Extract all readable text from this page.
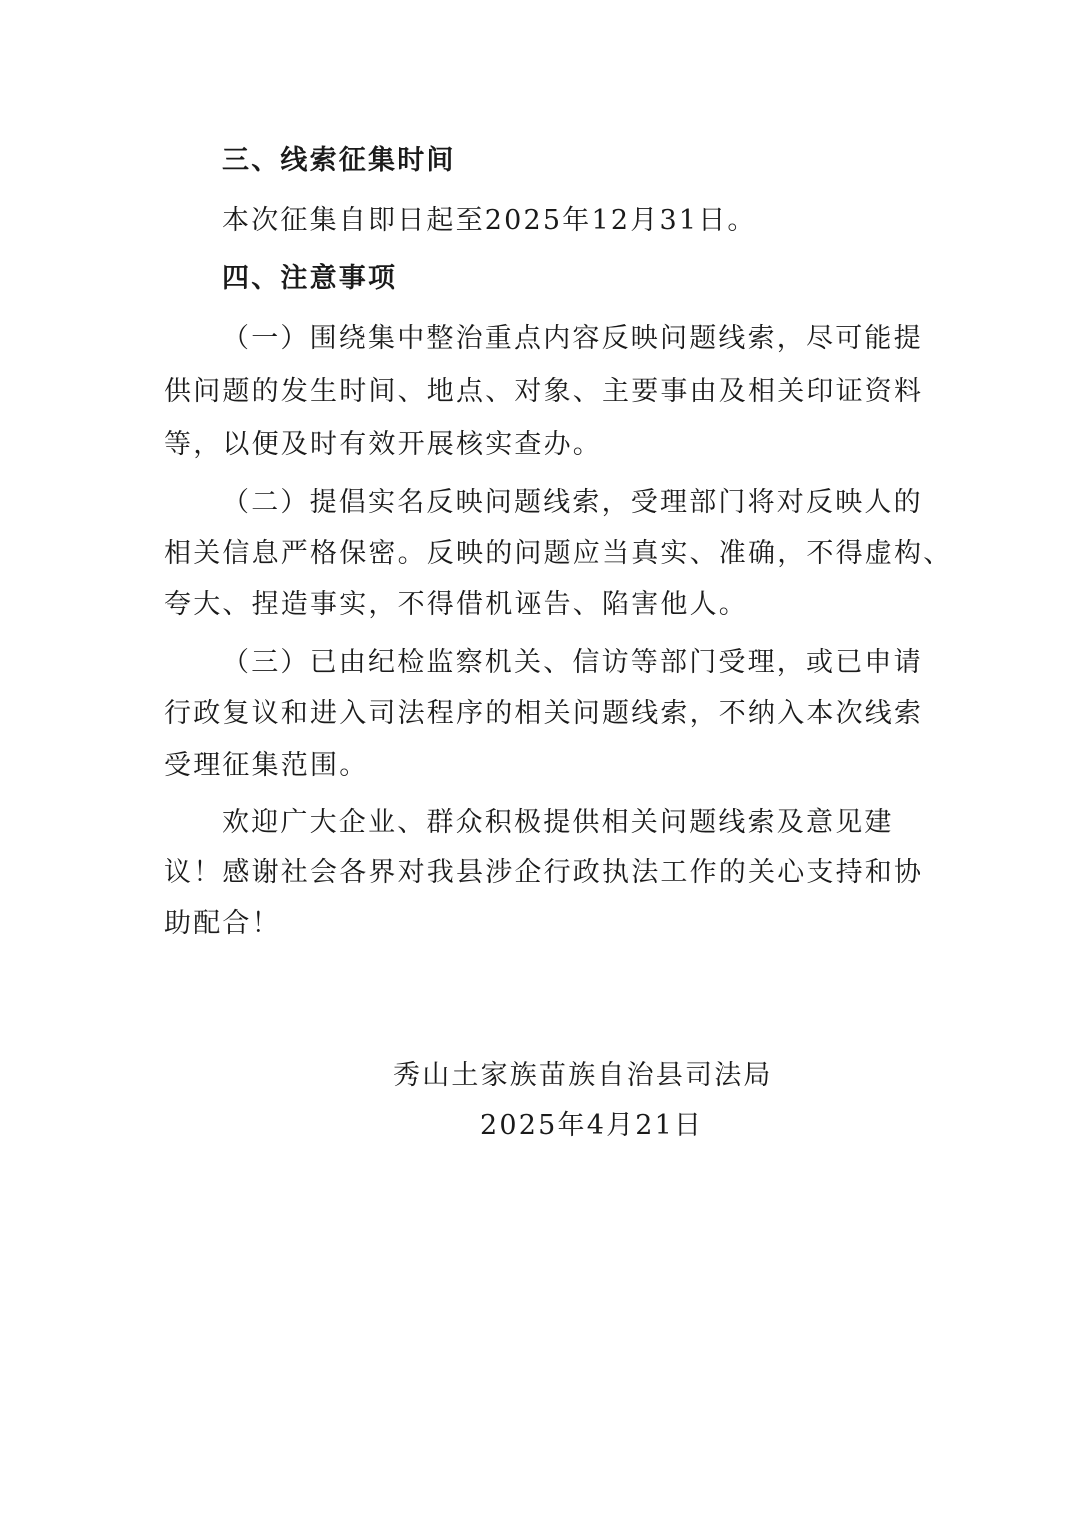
三、线索征集时间
本次征集自即日起至2025年12月31日。
四、注意事项
（一）围绕集中整治重点内容反映问题线索，尽可能提
供问题的发生时间、地点、对象、主要事由及相关印证资料
等，以便及时有效开展核实查办。
（二）提倡实名反映问题线索，受理部门将对反映人的
相关信息严格保密。反映的问题应当真实、准确，不得虚构、
夸大、捏造事实，不得借机诬告、陷害他人。
（三）已由纪检监察机关、信访等部门受理，或已申请
行政复议和进入司法程序的相关问题线索，不纳入本次线索
受理征集范围。
欢迎广大企业、群众积极提供相关问题线索及意见建
议！感谢社会各界对我县涉企行政执法工作的关心支持和协
助配合！
秀山土家族苗族自治县司法局
2025年4月21日
